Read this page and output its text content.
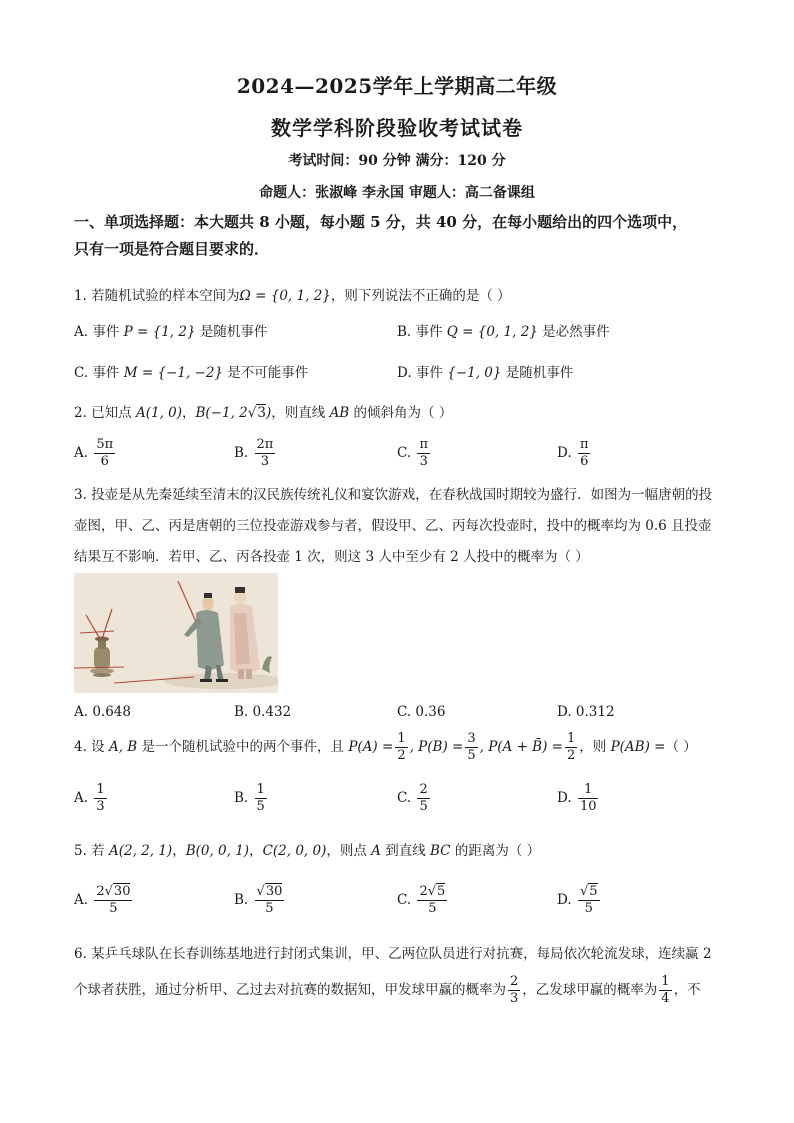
2024—2025学年上学期高二年级
数学学科阶段验收考试试卷
考试时间：90 分钟 满分：120 分
命题人：张淑峰 李永国 审题人：高二备课组
一、单项选择题：本大题共 8 小题，每小题 5 分，共 40 分，在每小题给出的四个选项中，
只有一项是符合题目要求的．
1. 若随机试验的样本空间为Ω = {0, 1, 2}，则下列说法不正确的是（ ）
A. 事件 P = {1, 2} 是随机事件	B. 事件 Q = {0, 1, 2} 是必然事件
C. 事件 M = {−1, −2} 是不可能事件	D. 事件 {−1, 0} 是随机事件
2. 已知点 A(1, 0)，B(−1, 2√3)，则直线 AB 的倾斜角为（ ）
A. $\frac{5\pi}{6}$	B. $\frac{2\pi}{3}$	C. $\frac{\pi}{3}$	D. $\frac{\pi}{6}$
3. 投壶是从先秦延续至清末的汉民族传统礼仪和宴饮游戏，在春秋战国时期较为盛行．如图为一幅唐朝的投
壶图，甲、乙、丙是唐朝的三位投壶游戏参与者，假设甲、乙、丙每次投壶时，投中的概率均为 0.6 且投壶
结果互不影响．若甲、乙、丙各投壶 1 次，则这 3 人中至少有 2 人投中的概率为（ ）
A. 0.648	B. 0.432	C. 0.36	D. 0.312
4. 设 A, B 是一个随机试验中的两个事件，且 $P(A) = \frac{1}{2}$ , $P(B) = \frac{3}{5}$ , P(A + B̄) = $\frac{1}{2}$ ，则 P(AB) =（ ）
A. $\frac{1}{3}$	B. $\frac{1}{5}$	C. $\frac{2}{5}$	D. $\frac{1}{10}$
5. 若 A(2, 2, 1)，B(0, 0, 1)，C(2, 0, 0)，则点 A 到直线 BC 的距离为（ ）
A. $\frac{2√30}{5}$	B. $\frac{√30}{5}$	C. $\frac{2√5}{5}$	D. $\frac{√5}{5}$
6. 某乒乓球队在长春训练基地进行封闭式集训，甲、乙两位队员进行对抗赛，每局依次轮流发球，连续赢 2
个球者获胜，通过分析甲、乙过去对抗赛的数据知，甲发球甲赢的概率为 $\frac{2}{3}$ ，乙发球甲赢的概率为 $\frac{1}{4}$ ，不
